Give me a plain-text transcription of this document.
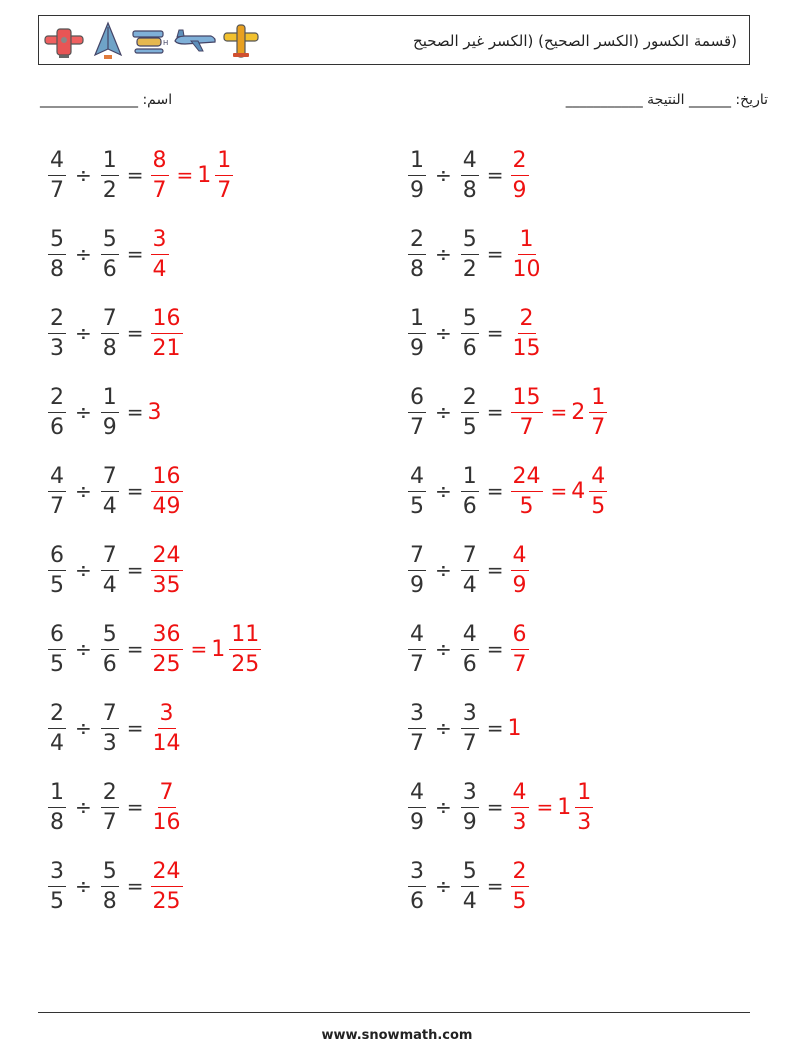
H	(قسمة الكسور (الكسر الصحيح) (الكسر غير الصحيح
اسم: ______________	تاريخ: ______ النتيجة ___________
$\frac{4}{7} \div \frac{1}{2} = \frac{8}{7} = 1 \frac{1}{7}$	$\frac{1}{9} \div \frac{4}{8} = \frac{2}{9}$
$\frac{5}{8} \div \frac{5}{6} = \frac{3}{4}$	$\frac{2}{8} \div \frac{5}{2} = \frac{1}{10}$
$\frac{2}{3} \div \frac{7}{8} = \frac{16}{21}$	$\frac{1}{9} \div \frac{5}{6} = \frac{2}{15}$
$\frac{2}{6} \div \frac{1}{9} = 3$	$\frac{6}{7} \div \frac{2}{5} = \frac{15}{7} = 2 \frac{1}{7}$
$\frac{4}{7} \div \frac{7}{4} = \frac{16}{49}$	$\frac{4}{5} \div \frac{1}{6} = \frac{24}{5} = 4 \frac{4}{5}$
$\frac{6}{5} \div \frac{7}{4} = \frac{24}{35}$	$\frac{7}{9} \div \frac{7}{4} = \frac{4}{9}$
$\frac{6}{5} \div \frac{5}{6} = \frac{36}{25} = 1 \frac{11}{25}$	$\frac{4}{7} \div \frac{4}{6} = \frac{6}{7}$
$\frac{2}{4} \div \frac{7}{3} = \frac{3}{14}$	$\frac{3}{7} \div \frac{3}{7} = 1$
$\frac{1}{8} \div \frac{2}{7} = \frac{7}{16}$	$\frac{4}{9} \div \frac{3}{9} = \frac{4}{3} = 1 \frac{1}{3}$
$\frac{3}{5} \div \frac{5}{8} = \frac{24}{25}$	$\frac{3}{6} \div \frac{5}{4} = \frac{2}{5}$
www.snowmath.com
